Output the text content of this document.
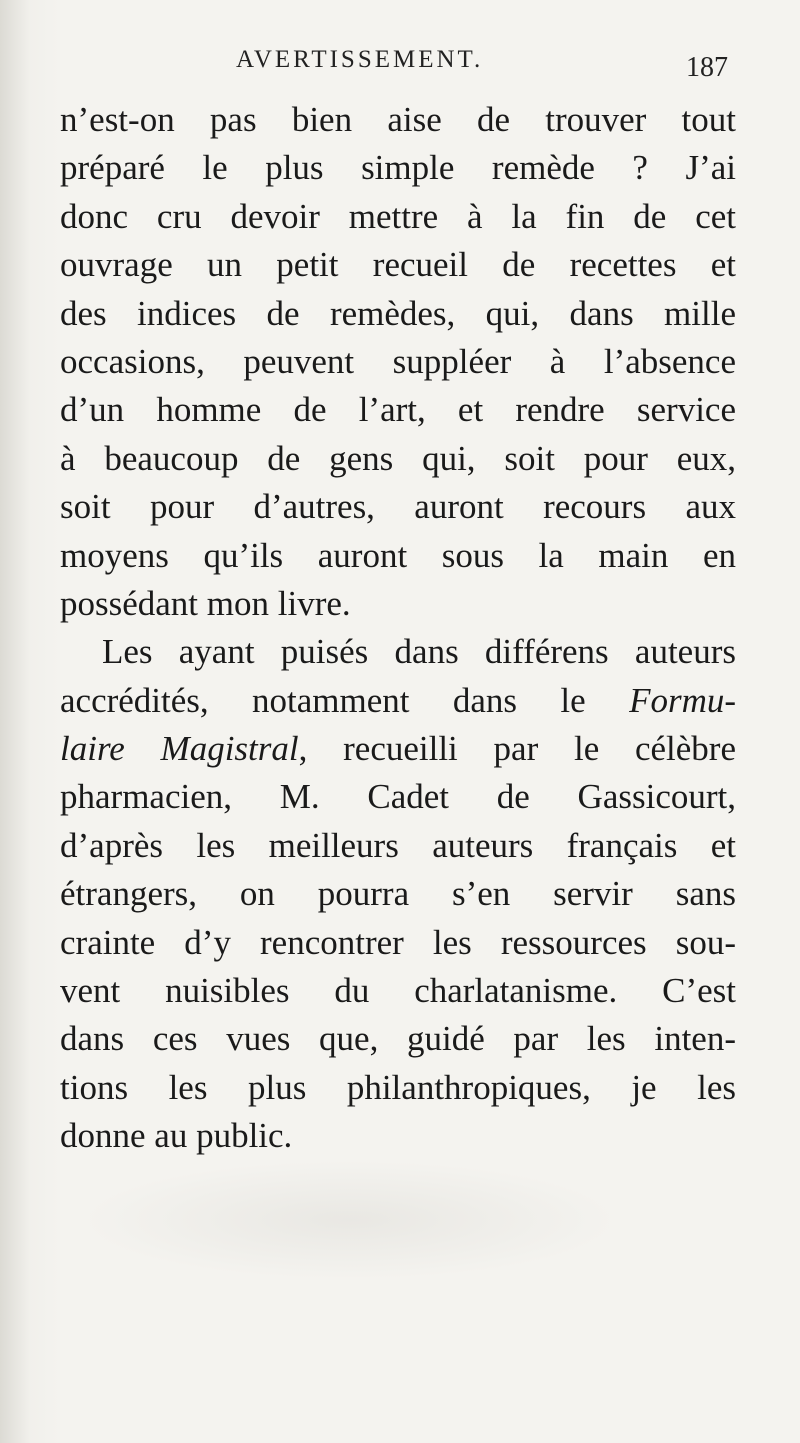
AVERTISSEMENT.	187
n’est-on pas bien aise de trouver tout
préparé le plus simple remède ? J’ai
donc cru devoir mettre à la fin de cet
ouvrage un petit recueil de recettes et
des indices de remèdes, qui, dans mille
occasions, peuvent suppléer à l’absence
d’un homme de l’art, et rendre service
à beaucoup de gens qui, soit pour eux,
soit pour d’autres, auront recours aux
moyens qu’ils auront sous la main en
possédant mon livre.
Les ayant puisés dans différens auteurs
accrédités, notamment dans le Formu-
laire Magistral, recueilli par le célèbre
pharmacien, M. Cadet de Gassicourt,
d’après les meilleurs auteurs français et
étrangers, on pourra s’en servir sans
crainte d’y rencontrer les ressources sou-
vent nuisibles du charlatanisme. C’est
dans ces vues que, guidé par les inten-
tions les plus philanthropiques, je les
donne au public.
